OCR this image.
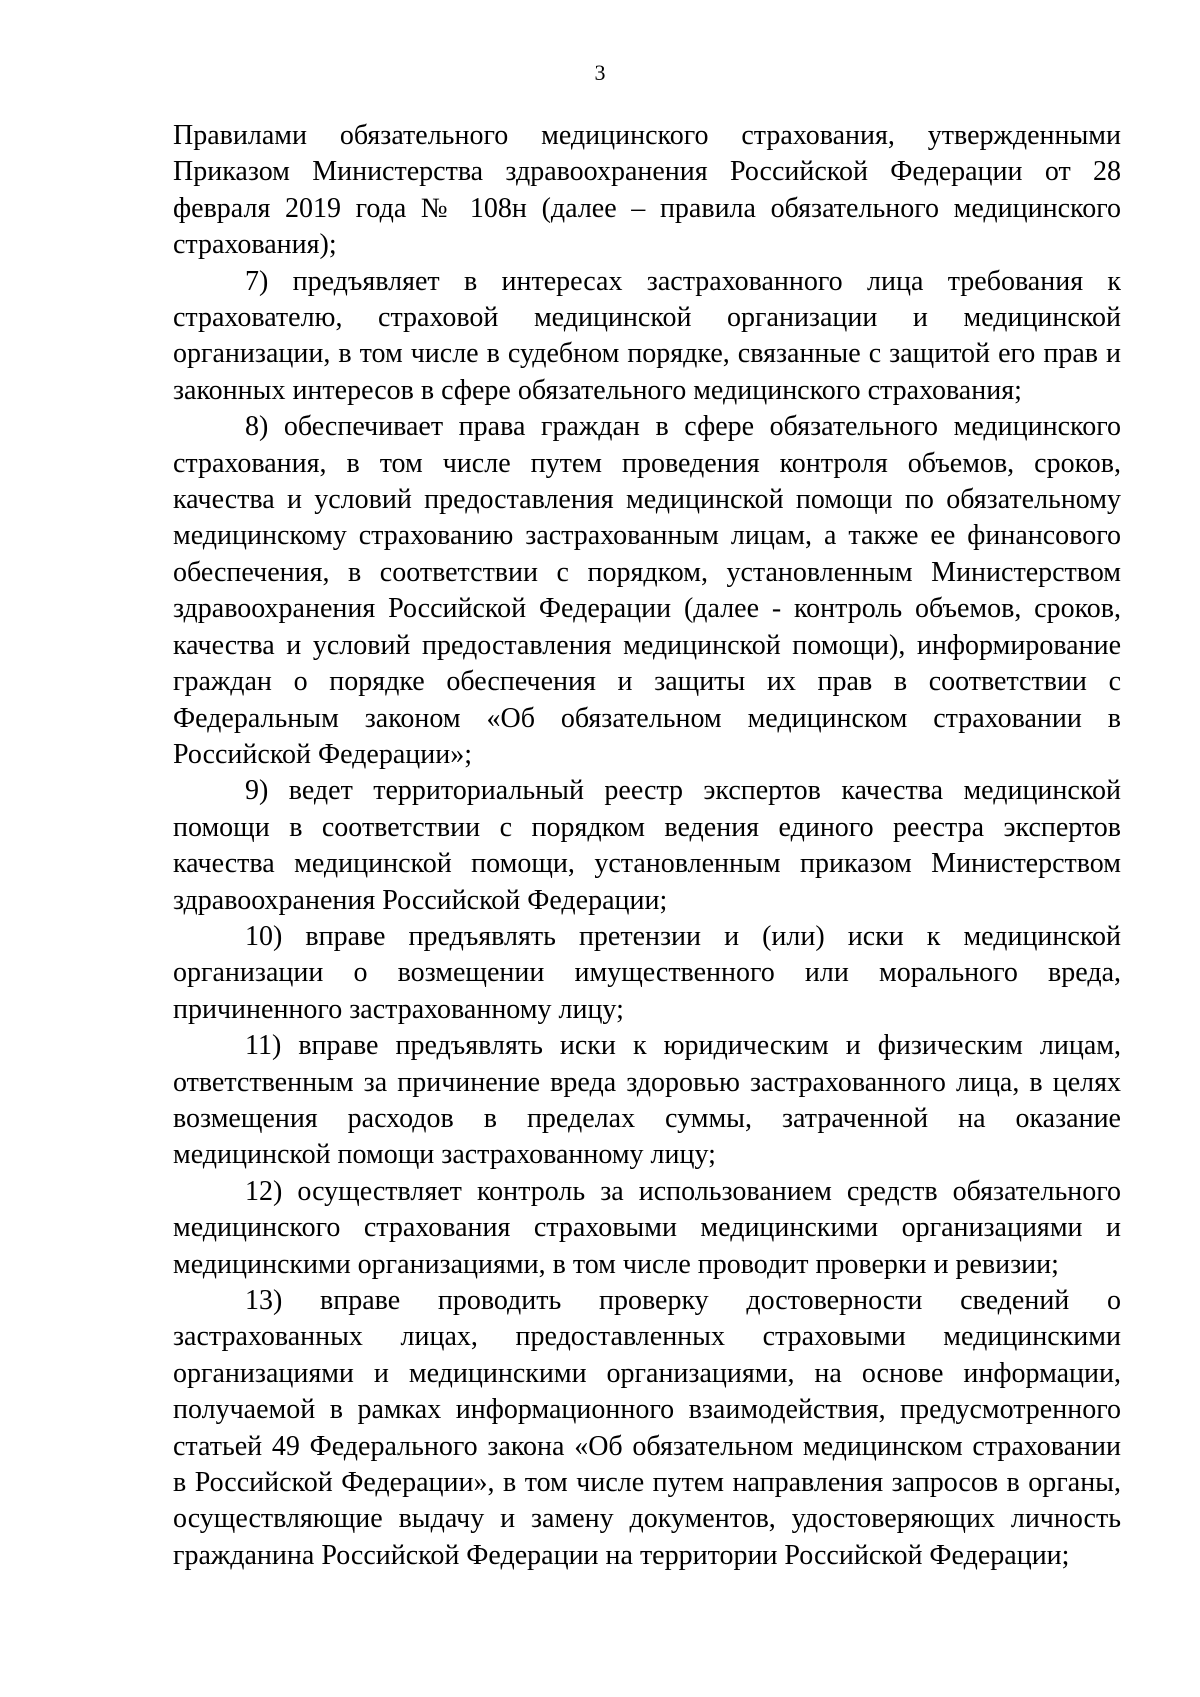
3

Правилами обязательного медицинского страхования, утвержденными Приказом Министерства здравоохранения Российской Федерации от 28 февраля 2019 года № 108н (далее – правила обязательного медицинского страхования);

7) предъявляет в интересах застрахованного лица требования к страхователю, страховой медицинской организации и медицинской организации, в том числе в судебном порядке, связанные с защитой его прав и законных интересов в сфере обязательного медицинского страхования;

8) обеспечивает права граждан в сфере обязательного медицинского страхования, в том числе путем проведения контроля объемов, сроков, качества и условий предоставления медицинской помощи по обязательному медицинскому страхованию застрахованным лицам, а также ее финансового обеспечения, в соответствии с порядком, установленным Министерством здравоохранения Российской Федерации (далее - контроль объемов, сроков, качества и условий предоставления медицинской помощи), информирование граждан о порядке обеспечения и защиты их прав в соответствии с Федеральным законом «Об обязательном медицинском страховании в Российской Федерации»;

9) ведет территориальный реестр экспертов качества медицинской помощи в соответствии с порядком ведения единого реестра экспертов качества медицинской помощи, установленным приказом Министерством здравоохранения Российской Федерации;

10) вправе предъявлять претензии и (или) иски к медицинской организации о возмещении имущественного или морального вреда, причиненного застрахованному лицу;

11) вправе предъявлять иски к юридическим и физическим лицам, ответственным за причинение вреда здоровью застрахованного лица, в целях возмещения расходов в пределах суммы, затраченной на оказание медицинской помощи застрахованному лицу;

12) осуществляет контроль за использованием средств обязательного медицинского страхования страховыми медицинскими организациями и медицинскими организациями, в том числе проводит проверки и ревизии;

13) вправе проводить проверку достоверности сведений о застрахованных лицах, предоставленных страховыми медицинскими организациями и медицинскими организациями, на основе информации, получаемой в рамках информационного взаимодействия, предусмотренного статьей 49 Федерального закона «Об обязательном медицинском страховании в Российской Федерации», в том числе путем направления запросов в органы, осуществляющие выдачу и замену документов, удостоверяющих личность гражданина Российской Федерации на территории Российской Федерации;
